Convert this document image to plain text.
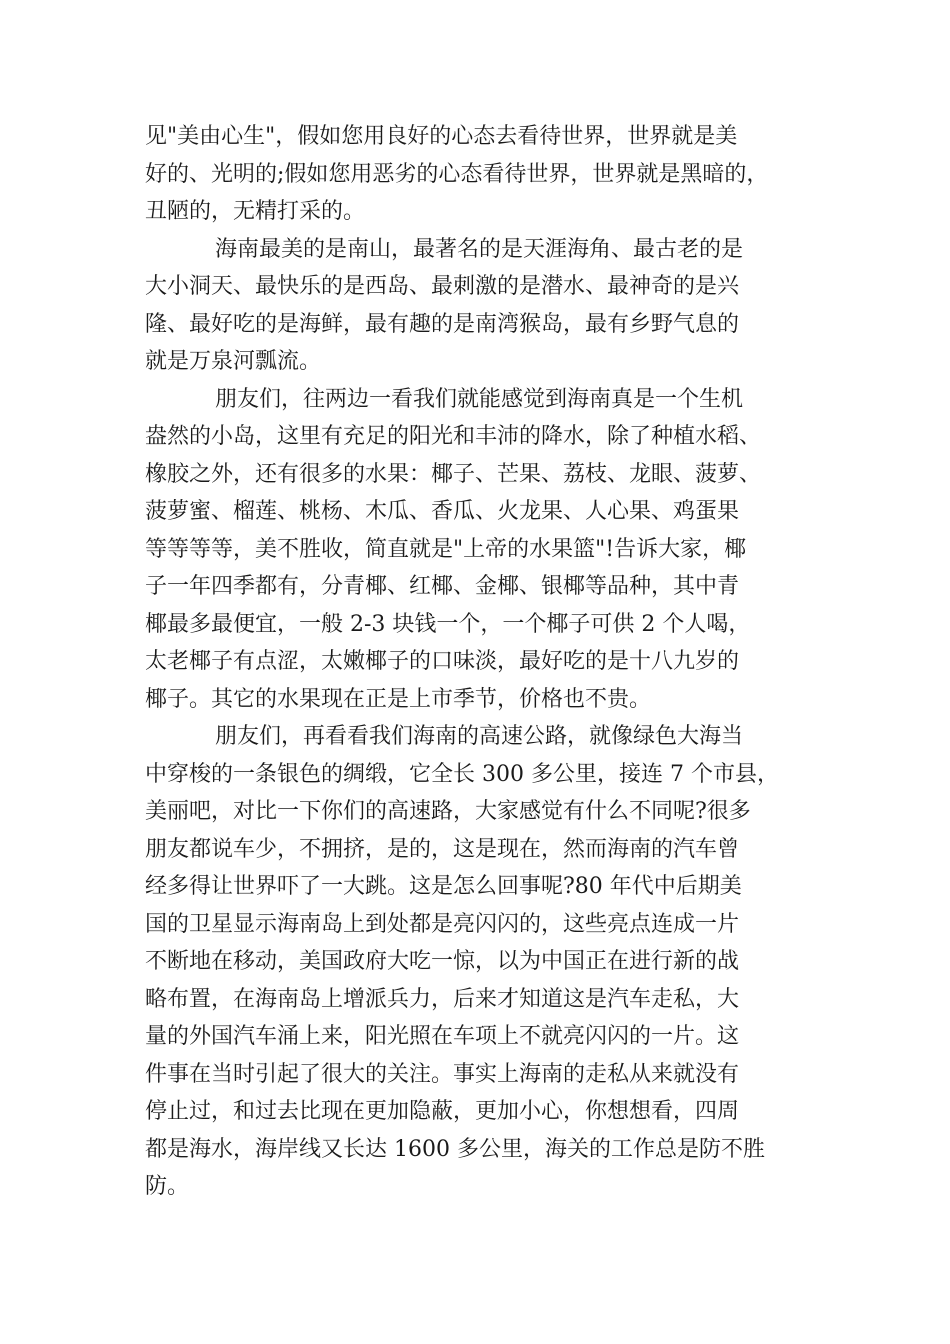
见"美由心生"，假如您用良好的心态去看待世界，世界就是美
好的、光明的;假如您用恶劣的心态看待世界，世界就是黑暗的，
丑陋的，无精打采的。

海南最美的是南山，最著名的是天涯海角、最古老的是
大小洞天、最快乐的是西岛、最刺激的是潜水、最神奇的是兴
隆、最好吃的是海鲜，最有趣的是南湾猴岛，最有乡野气息的
就是万泉河瓢流。

朋友们，往两边一看我们就能感觉到海南真是一个生机
盎然的小岛，这里有充足的阳光和丰沛的降水，除了种植水稻、
橡胶之外，还有很多的水果：椰子、芒果、荔枝、龙眼、菠萝、
菠萝蜜、榴莲、桃杨、木瓜、香瓜、火龙果、人心果、鸡蛋果
等等等等，美不胜收，简直就是"上帝的水果篮"!告诉大家，椰
子一年四季都有，分青椰、红椰、金椰、银椰等品种，其中青
椰最多最便宜，一般 2-3 块钱一个，一个椰子可供 2 个人喝，
太老椰子有点涩，太嫩椰子的口味淡，最好吃的是十八九岁的
椰子。其它的水果现在正是上市季节，价格也不贵。

朋友们，再看看我们海南的高速公路，就像绿色大海当
中穿梭的一条银色的绸缎，它全长 300 多公里，接连 7 个市县，
美丽吧，对比一下你们的高速路，大家感觉有什么不同呢?很多
朋友都说车少，不拥挤，是的，这是现在，然而海南的汽车曾
经多得让世界吓了一大跳。这是怎么回事呢?80 年代中后期美
国的卫星显示海南岛上到处都是亮闪闪的，这些亮点连成一片
不断地在移动，美国政府大吃一惊，以为中国正在进行新的战
略布置，在海南岛上增派兵力，后来才知道这是汽车走私，大
量的外国汽车涌上来，阳光照在车项上不就亮闪闪的一片。这
件事在当时引起了很大的关注。事实上海南的走私从来就没有
停止过，和过去比现在更加隐蔽，更加小心，你想想看，四周
都是海水，海岸线又长达 1600 多公里，海关的工作总是防不胜
防。
